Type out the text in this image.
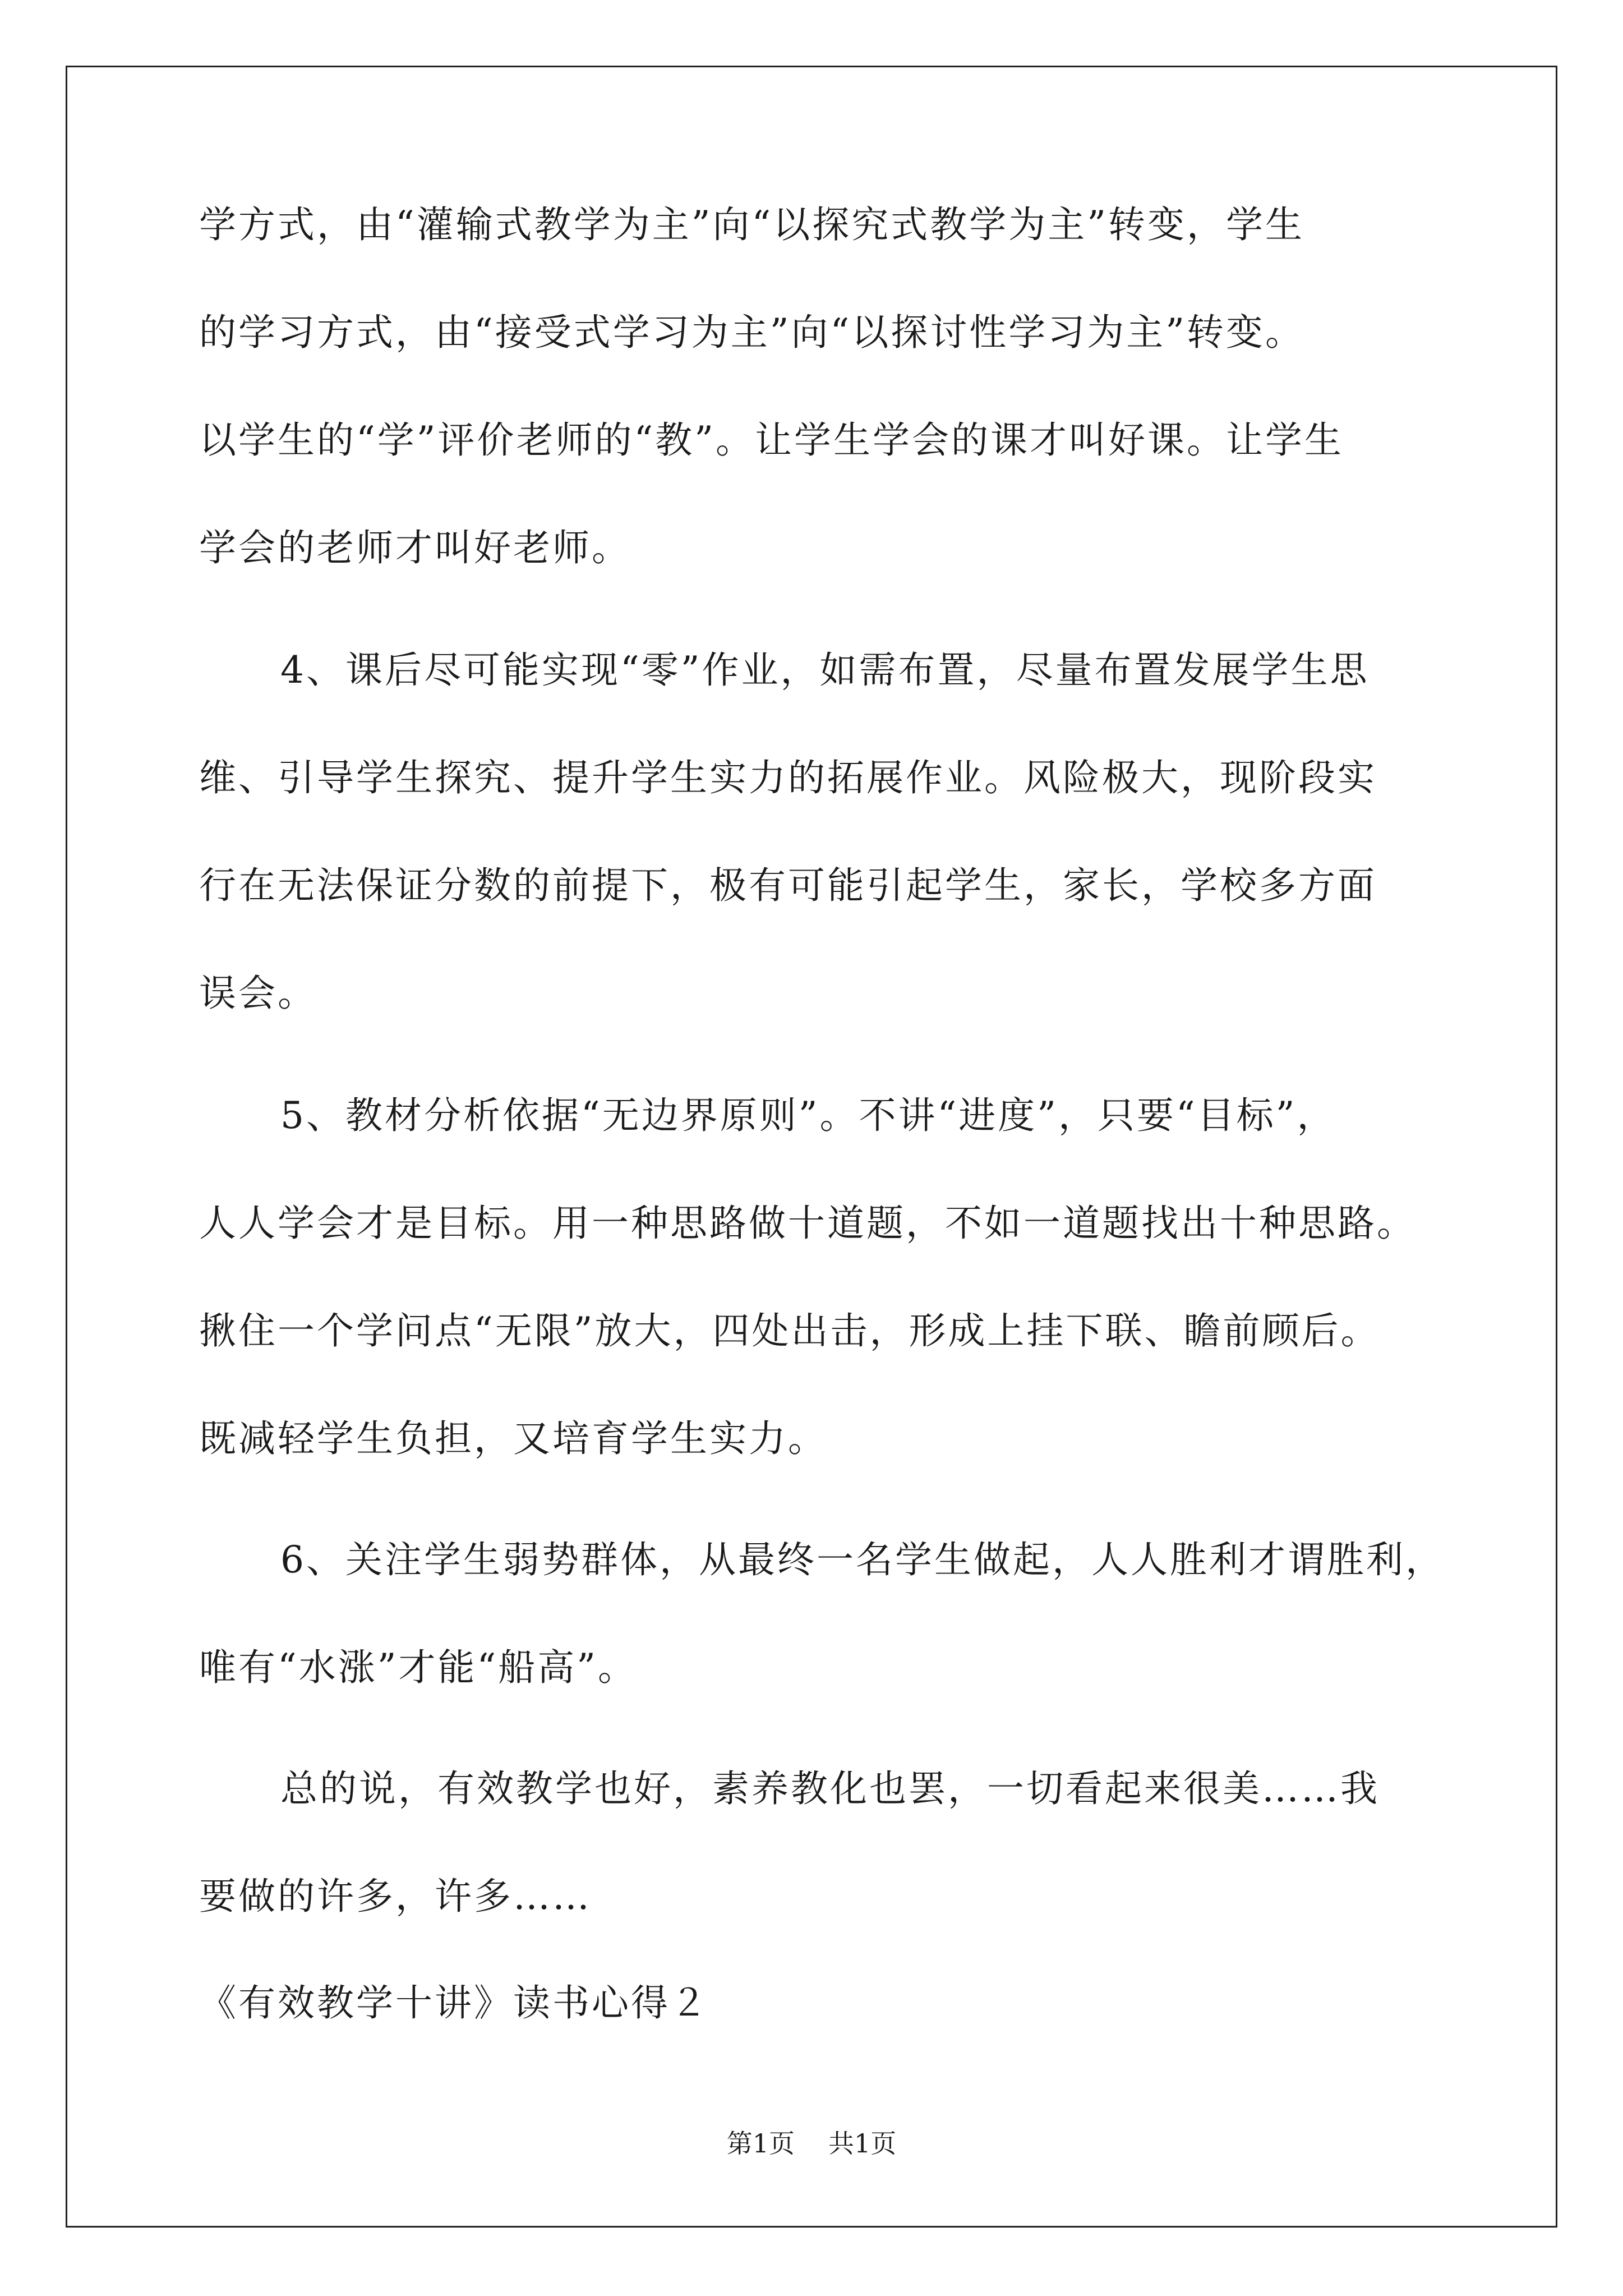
学方式，由“灌输式教学为主”向“以探究式教学为主”转变，学生

的学习方式，由“接受式学习为主”向“以探讨性学习为主”转变。

以学生的“学”评价老师的“教”。让学生学会的课才叫好课。让学生

学会的老师才叫好老师。

4、课后尽可能实现“零”作业，如需布置，尽量布置发展学生思

维、引导学生探究、提升学生实力的拓展作业。风险极大，现阶段实

行在无法保证分数的前提下，极有可能引起学生，家长，学校多方面

误会。

5、教材分析依据“无边界原则”。不讲“进度”，只要“目标”，

人人学会才是目标。用一种思路做十道题，不如一道题找出十种思路。

揪住一个学问点“无限”放大，四处出击，形成上挂下联、瞻前顾后。

既减轻学生负担，又培育学生实力。

6、关注学生弱势群体，从最终一名学生做起，人人胜利才谓胜利，

唯有“水涨”才能“船高”。

总的说，有效教学也好，素养教化也罢，一切看起来很美……我

要做的许多，许多……

《有效教学十讲》读书心得２

第1页 共1页
